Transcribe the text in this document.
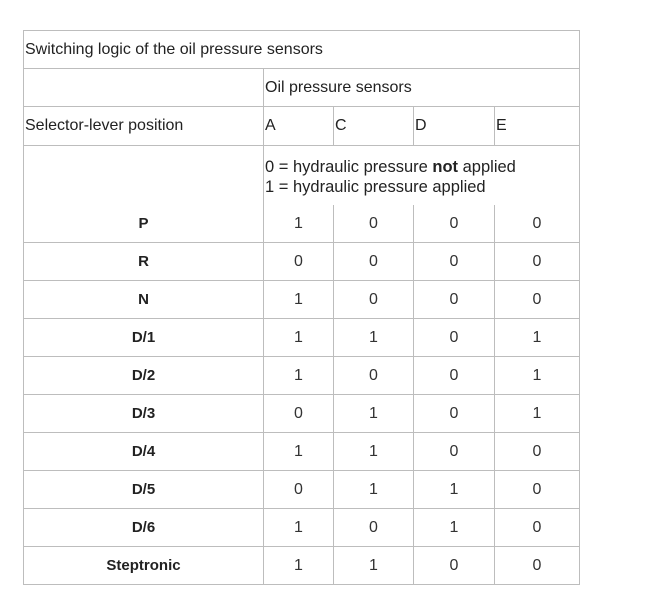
Switching logic of the oil pressure sensors				
	Oil pressure sensors			
Selector-lever position	A	C	D	E

	0 = hydraulic pressure not applied
1 = hydraulic pressure applied			

P	1	0	0	0
R	0	0	0	0
N	1	0	0	0
D/1	1	1	0	1
D/2	1	0	0	1
D/3	0	1	0	1
D/4	1	1	0	0
D/5	0	1	1	0
D/6	1	0	1	0
Steptronic	1	1	0	0
